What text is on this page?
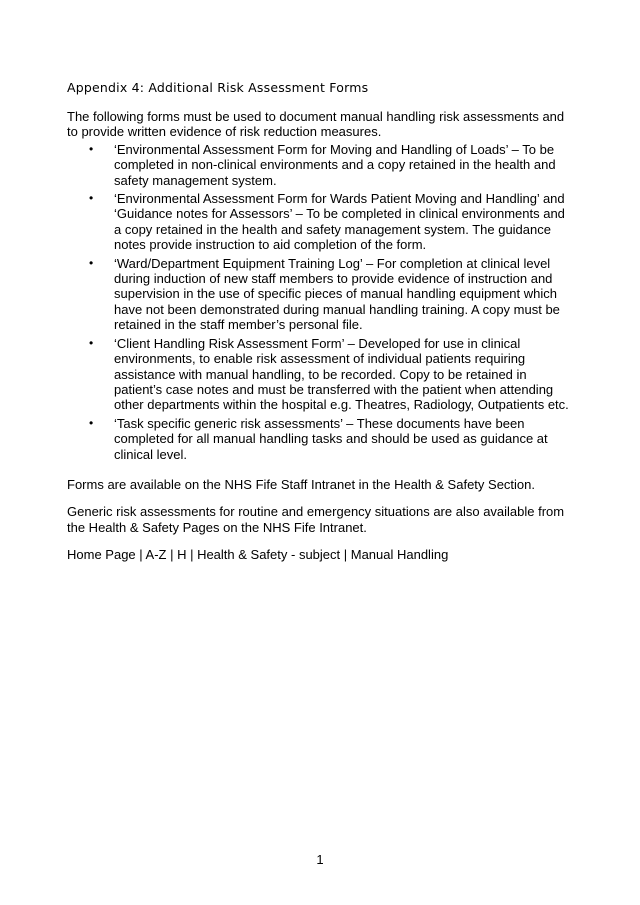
Appendix 4: Additional Risk Assessment Forms

The following forms must be used to document manual handling risk assessments and to provide written evidence of risk reduction measures.

• ‘Environmental Assessment Form for Moving and Handling of Loads’ – To be completed in non-clinical environments and a copy retained in the health and safety management system.
• ‘Environmental Assessment Form for Wards Patient Moving and Handling’ and ‘Guidance notes for Assessors’ – To be completed in clinical environments and a copy retained in the health and safety management system. The guidance notes provide instruction to aid completion of the form.
• ‘Ward/Department Equipment Training Log’ – For completion at clinical level during induction of new staff members to provide evidence of instruction and supervision in the use of specific pieces of manual handling equipment which have not been demonstrated during manual handling training. A copy must be retained in the staff member’s personal file.
• ‘Client Handling Risk Assessment Form’ – Developed for use in clinical environments, to enable risk assessment of individual patients requiring assistance with manual handling, to be recorded. Copy to be retained in patient’s case notes and must be transferred with the patient when attending other departments within the hospital e.g. Theatres, Radiology, Outpatients etc.
• ‘Task specific generic risk assessments’ – These documents have been completed for all manual handling tasks and should be used as guidance at clinical level.

Forms are available on the NHS Fife Staff Intranet in the Health & Safety Section.

Generic risk assessments for routine and emergency situations are also available from the Health & Safety Pages on the NHS Fife Intranet.

Home Page | A-Z | H | Health & Safety - subject | Manual Handling

1
